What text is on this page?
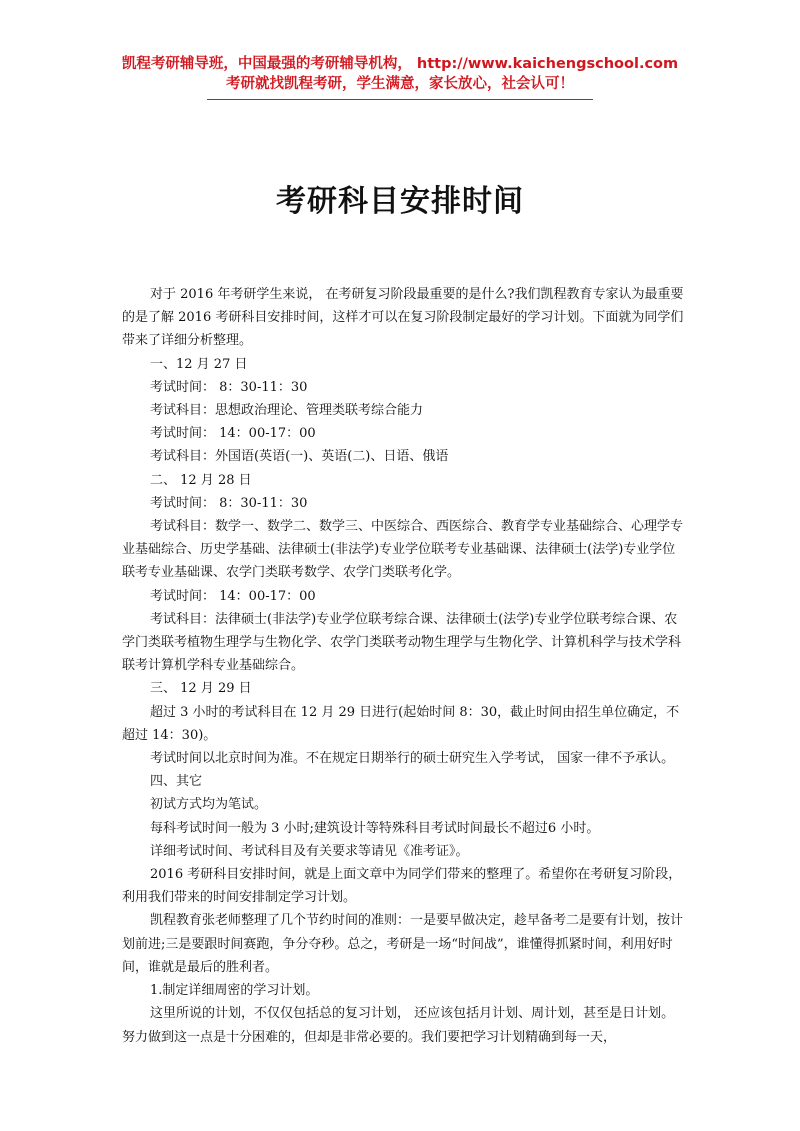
凯程考研辅导班，中国最强的考研辅导机构， http://www.kaichengschool.com
考研就找凯程考研，学生满意，家长放心，社会认可！
考研科目安排时间

对于 2016 年考研学生来说， 在考研复习阶段最重要的是什么?我们凯程教育专家认为最重要的是了解 2016 考研科目安排时间，这样才可以在复习阶段制定最好的学习计划。下面就为同学们带来了详细分析整理。

一、12 月 27 日

考试时间： 8：30-11：30

考试科目：思想政治理论、管理类联考综合能力

考试时间： 14：00-17：00

考试科目：外国语(英语(一)、英语(二)、日语、俄语

二、 12 月 28 日

考试时间： 8：30-11：30

考试科目：数学一、数学二、数学三、中医综合、西医综合、教育学专业基础综合、心理学专业基础综合、历史学基础、法律硕士(非法学)专业学位联考专业基础课、法律硕士(法学)专业学位联考专业基础课、农学门类联考数学、农学门类联考化学。

考试时间： 14：00-17：00

考试科目：法律硕士(非法学)专业学位联考综合课、法律硕士(法学)专业学位联考综合课、农学门类联考植物生理学与生物化学、农学门类联考动物生理学与生物化学、计算机科学与技术学科联考计算机学科专业基础综合。

三、 12 月 29 日

超过 3 小时的考试科目在 12 月 29 日进行(起始时间 8：30，截止时间由招生单位确定，不超过 14：30)。

考试时间以北京时间为准。不在规定日期举行的硕士研究生入学考试， 国家一律不予承认。

四、其它

初试方式均为笔试。

每科考试时间一般为 3 小时;建筑设计等特殊科目考试时间最长不超过6 小时。

详细考试时间、考试科目及有关要求等请见《准考证》。

2016 考研科目安排时间，就是上面文章中为同学们带来的整理了。希望你在考研复习阶段，利用我们带来的时间安排制定学习计划。

凯程教育张老师整理了几个节约时间的准则：一是要早做决定，趁早备考二是要有计划，按计划前进;三是要跟时间赛跑，争分夺秒。总之，考研是一场“时间战”，谁懂得抓紧时间，利用好时间，谁就是最后的胜利者。

1.制定详细周密的学习计划。

这里所说的计划，不仅仅包括总的复习计划， 还应该包括月计划、周计划，甚至是日计划。努力做到这一点是十分困难的，但却是非常必要的。我们要把学习计划精确到每一天，
